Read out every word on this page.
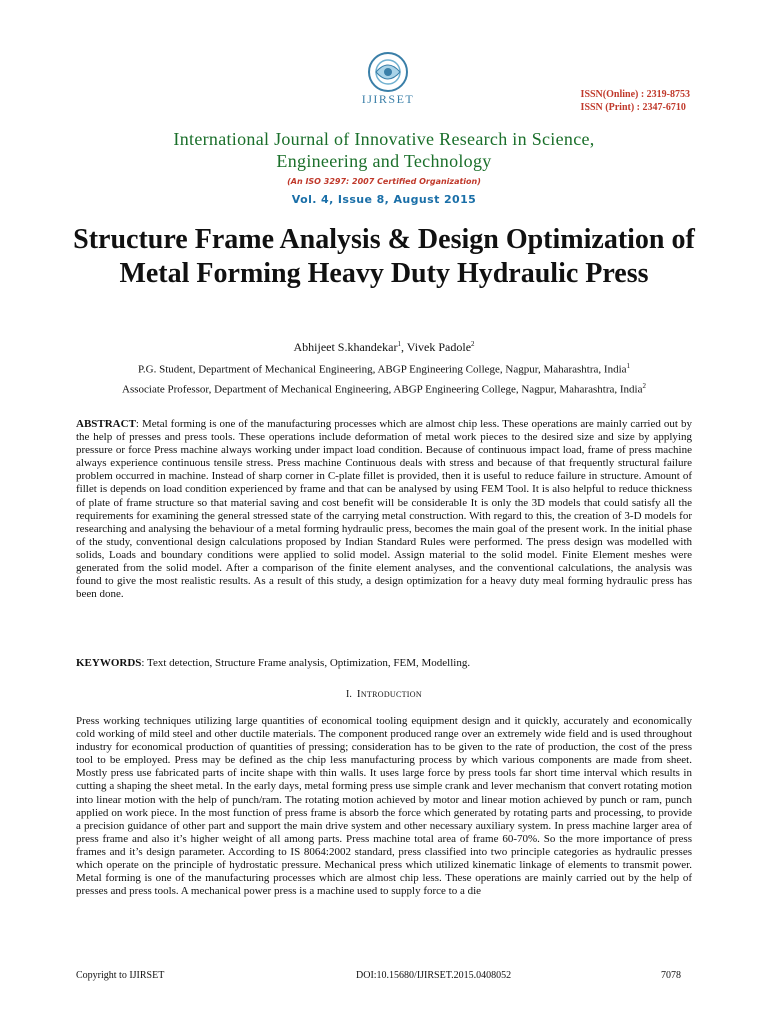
IJIRSET	ISSN(Online) : 2319-8753
ISSN (Print) : 2347-6710
International Journal of Innovative Research in Science,
Engineering and Technology
(An ISO 3297: 2007 Certified Organization)
Vol. 4, Issue 8, August 2015
Structure Frame Analysis & Design Optimization of Metal Forming Heavy Duty Hydraulic Press
Abhijeet S.khandekar$^1$, Vivek Padole$^2$
P.G. Student, Department of Mechanical Engineering, ABGP Engineering College, Nagpur, Maharashtra, India$^1$
Associate Professor, Department of Mechanical Engineering, ABGP Engineering College, Nagpur, Maharashtra, India$^2$
ABSTRACT: Metal forming is one of the manufacturing processes which are almost chip less. These operations are mainly carried out by the help of presses and press tools. These operations include deformation of metal work pieces to the desired size and size by applying pressure or force Press machine always working under impact load condition. Because of continuous impact load, frame of press machine always experience continuous tensile stress. Press machine Continuous deals with stress and because of that frequently structural failure problem occurred in machine. Instead of sharp corner in C-plate fillet is provided, then it is useful to reduce failure in structure. Amount of fillet is depends on load condition experienced by frame and that can be analysed by using FEM Tool. It is also helpful to reduce thickness of plate of frame structure so that material saving and cost benefit will be considerable It is only the 3D models that could satisfy all the requirements for examining the general stressed state of the carrying metal construction. With regard to this, the creation of 3-D models for researching and analysing the behaviour of a metal forming hydraulic press, becomes the main goal of the present work. In the initial phase of the study, conventional design calculations proposed by Indian Standard Rules were performed. The press design was modelled with solids, Loads and boundary conditions were applied to solid model. Assign material to the solid model. Finite Element meshes were generated from the solid model. After a comparison of the finite element analyses, and the conventional calculations, the analysis was found to give the most realistic results. As a result of this study, a design optimization for a heavy duty meal forming hydraulic press has been done.
KEYWORDS: Text detection, Structure Frame analysis, Optimization, FEM, Modelling.
I. Introduction
Press working techniques utilizing large quantities of economical tooling equipment design and it quickly, accurately and economically cold working of mild steel and other ductile materials. The component produced range over an extremely wide field and is used throughout industry for economical production of quantities of pressing; consideration has to be given to the rate of production, the cost of the press tool to be employed. Press may be defined as the chip less manufacturing process by which various components are made from sheet. Mostly press use fabricated parts of incite shape with thin walls. It uses large force by press tools far short time interval which results in cutting a shaping the sheet metal. In the early days, metal forming press use simple crank and lever mechanism that convert rotating motion into linear motion with the help of punch/ram. The rotating motion achieved by motor and linear motion achieved by punch or ram, punch applied on work piece. In the most function of press frame is absorb the force which generated by rotating parts and processing, to provide a precision guidance of other part and support the main drive system and other necessary auxiliary system. In press machine larger area of press frame and also it’s higher weight of all among parts. Press machine total area of frame 60-70%. So the more importance of press frames and it’s design parameter. According to IS 8064:2002 standard, press classified into two principle categories as hydraulic presses which operate on the principle of hydrostatic pressure. Mechanical press which utilized kinematic linkage of elements to transmit power. Metal forming is one of the manufacturing processes which are almost chip less. These operations are mainly carried out by the help of presses and press tools. A mechanical power press is a machine used to supply force to a die
Copyright to IJIRSET	DOI:10.15680/IJIRSET.2015.0408052	7078
